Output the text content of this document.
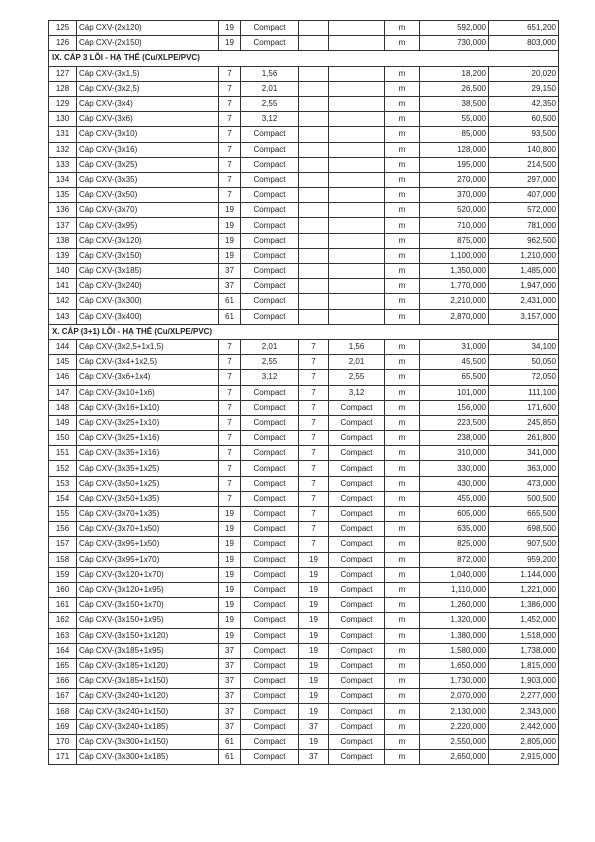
125	Cáp CXV-(2x120)	19	Compact			m	592,000	651,200
126	Cáp CXV-(2x150)	19	Compact			m	730,000	803,000
IX. CÁP 3 LÕI - HẠ THẾ (Cu/XLPE/PVC)								
127	Cáp CXV-(3x1,5)	7	1,56			m	18,200	20,020
128	Cáp CXV-(3x2,5)	7	2,01			m	26,500	29,150
129	Cáp CXV-(3x4)	7	2,55			m	38,500	42,350
130	Cáp CXV-(3x6)	7	3,12			m	55,000	60,500
131	Cáp CXV-(3x10)	7	Compact			m	85,000	93,500
132	Cáp CXV-(3x16)	7	Compact			m	128,000	140,800
133	Cáp CXV-(3x25)	7	Compact			m	195,000	214,500
134	Cáp CXV-(3x35)	7	Compact			m	270,000	297,000
135	Cáp CXV-(3x50)	7	Compact			m	370,000	407,000
136	Cáp CXV-(3x70)	19	Compact			m	520,000	572,000
137	Cáp CXV-(3x95)	19	Compact			m	710,000	781,000
138	Cáp CXV-(3x120)	19	Compact			m	875,000	962,500
139	Cáp CXV-(3x150)	19	Compact			m	1,100,000	1,210,000
140	Cáp CXV-(3x185)	37	Compact			m	1,350,000	1,485,000
141	Cáp CXV-(3x240)	37	Compact			m	1,770,000	1,947,000
142	Cáp CXV-(3x300)	61	Compact			m	2,210,000	2,431,000
143	Cáp CXV-(3x400)	61	Compact			m	2,870,000	3,157,000
X. CÁP (3+1) LÕI - HẠ THẾ (Cu/XLPE/PVC)								
144	Cáp CXV-(3x2,5+1x1,5)	7	2,01	7	1,56	m	31,000	34,100
145	Cáp CXV-(3x4+1x2,5)	7	2,55	7	2,01	m	45,500	50,050
146	Cáp CXV-(3x6+1x4)	7	3,12	7	2,55	m	65,500	72,050
147	Cáp CXV-(3x10+1x6)	7	Compact	7	3,12	m	101,000	111,100
148	Cáp CXV-(3x16+1x10)	7	Compact	7	Compact	m	156,000	171,600
149	Cáp CXV-(3x25+1x10)	7	Compact	7	Compact	m	223,500	245,850
150	Cáp CXV-(3x25+1x16)	7	Compact	7	Compact	m	238,000	261,800
151	Cáp CXV-(3x35+1x16)	7	Compact	7	Compact	m	310,000	341,000
152	Cáp CXV-(3x35+1x25)	7	Compact	7	Compact	m	330,000	363,000
153	Cáp CXV-(3x50+1x25)	7	Compact	7	Compact	m	430,000	473,000
154	Cáp CXV-(3x50+1x35)	7	Compact	7	Compact	m	455,000	500,500
155	Cáp CXV-(3x70+1x35)	19	Compact	7	Compact	m	605,000	665,500
156	Cáp CXV-(3x70+1x50)	19	Compact	7	Compact	m	635,000	698,500
157	Cáp CXV-(3x95+1x50)	19	Compact	7	Compact	m	825,000	907,500
158	Cáp CXV-(3x95+1x70)	19	Compact	19	Compact	m	872,000	959,200
159	Cáp CXV-(3x120+1x70)	19	Compact	19	Compact	m	1,040,000	1,144,000
160	Cáp CXV-(3x120+1x95)	19	Compact	19	Compact	m	1,110,000	1,221,000
161	Cáp CXV-(3x150+1x70)	19	Compact	19	Compact	m	1,260,000	1,386,000
162	Cáp CXV-(3x150+1x95)	19	Compact	19	Compact	m	1,320,000	1,452,000
163	Cáp CXV-(3x150+1x120)	19	Compact	19	Compact	m	1,380,000	1,518,000
164	Cáp CXV-(3x185+1x95)	37	Compact	19	Compact	m	1,580,000	1,738,000
165	Cáp CXV-(3x185+1x120)	37	Compact	19	Compact	m	1,650,000	1,815,000
166	Cáp CXV-(3x185+1x150)	37	Compact	19	Compact	m	1,730,000	1,903,000
167	Cáp CXV-(3x240+1x120)	37	Compact	19	Compact	m	2,070,000	2,277,000
168	Cáp CXV-(3x240+1x150)	37	Compact	19	Compact	m	2,130,000	2,343,000
169	Cáp CXV-(3x240+1x185)	37	Compact	37	Compact	m	2,220,000	2,442,000
170	Cáp CXV-(3x300+1x150)	61	Compact	19	Compact	m	2,550,000	2,805,000
171	Cáp CXV-(3x300+1x185)	61	Compact	37	Compact	m	2,650,000	2,915,000
